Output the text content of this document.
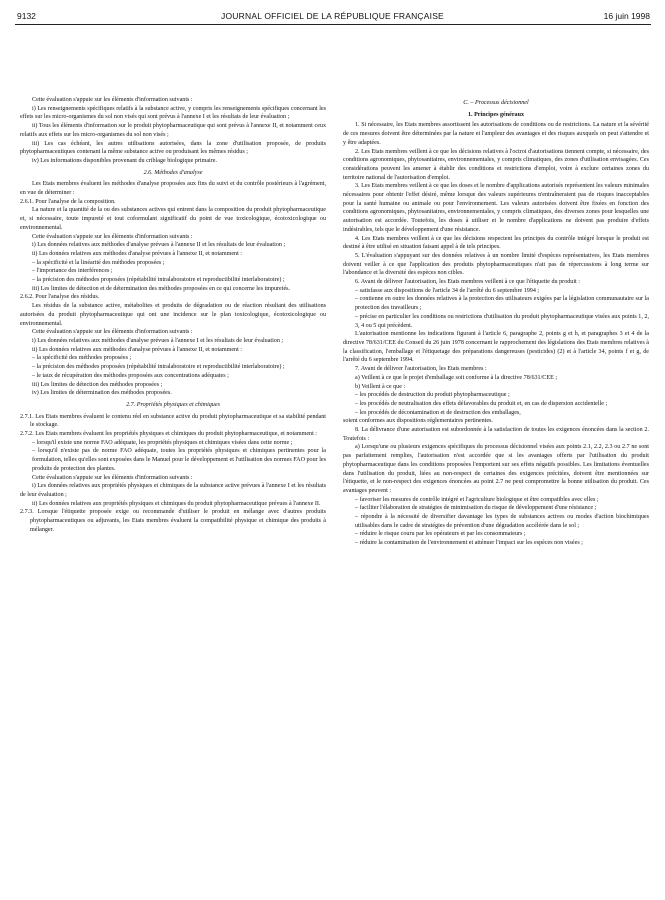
9132	JOURNAL OFFICIEL DE LA RÉPUBLIQUE FRANÇAISE	16 juin 1998

Cette évaluation s'appuie sur les éléments d'information suivants :

i) Les renseignements spécifiques relatifs à la substance active, y compris les renseignements spécifiques concernant les effets sur les micro-organismes du sol non visés qui sont prévus à l'annexe I et les résultats de leur évaluation ;

ii) Tous les éléments d'information sur le produit phytopharmaceutique qui sont prévus à l'annexe II, et notamment ceux relatifs aux effets sur les micro-organismes du sol non visés ;

iii) Les cas échéant, les autres utilisations autorisées, dans la zone d'utilisation proposée, de produits phytopharmaceutiques contenant la même substance active ou produisant les mêmes résidus ;

iv) Les informations disponibles provenant du criblage biologique primaire.

2.6. Méthodes d'analyse

Les Etats membres évaluent les méthodes d'analyse proposées aux fins du suivi et du contrôle postérieurs à l'agrément, en vue de déterminer :

2.6.1. Pour l'analyse de la composition.

La nature et la quantité de la ou des substances actives qui entrent dans la composition du produit phytopharmaceutique et, si nécessaire, toute impureté et tout coformulant significatif du point de vue toxicologique, écotoxicologique ou environnemental.

Cette évaluation s'appuie sur les éléments d'information suivants :

i) Les données relatives aux méthodes d'analyse prévues à l'annexe II et les résultats de leur évaluation ;

ii) Les données relatives aux méthodes d'analyse prévues à l'annexe II, et notamment :

– la spécificité et la linéarité des méthodes proposées ;

– l'importance des interférences ;

– la précision des méthodes proposées (répétabilité intralaboratoire et reproductibilité interlaboratoire) ;

iii) Les limites de détection et de détermination des méthodes proposées en ce qui concerne les impuretés.

2.6.2. Pour l'analyse des résidus.

Les résidus de la substance active, métabolites et produits de dégradation ou de réaction résultant des utilisations autorisées du produit phytopharmaceutique qui ont une incidence sur le plan toxicologique, écotoxicologique ou environnemental.

Cette évaluation s'appuie sur les éléments d'information suivants :

i) Les données relatives aux méthodes d'analyse prévues à l'annexe I et les résultats de leur évaluation ;

ii) Les données relatives aux méthodes d'analyse prévues à l'annexe II, et notamment :

– la spécificité des méthodes proposées ;

– la précision des méthodes proposées (répétabilité intralaboratoire et reproductibilité interlaboratoire) ;

– le taux de récupération des méthodes proposées aux concentrations adéquates ;

iii) Les limites de détection des méthodes proposées ;

iv) Les limites de détermination des méthodes proposées.

2.7. Propriétés physiques et chimiques

2.7.1. Les Etats membres évaluent le contenu réel en substance active du produit phytopharmaceutique et sa stabilité pendant le stockage.

2.7.2. Les Etats membres évaluent les propriétés physiques et chimiques du produit phytopharmaceutique, et notamment :

– lorsqu'il existe une norme FAO adéquate, les propriétés physiques et chimiques visées dans cette norme ;

– lorsqu'il n'existe pas de norme FAO adéquate, toutes les propriétés physiques et chimiques pertinentes pour la formulation, telles qu'elles sont exposées dans le Manuel pour le développement et l'utilisation des normes FAO pour les produits de protection des plantes.

Cette évaluation s'appuie sur les éléments d'information suivants :

i) Les données relatives aux propriétés physiques et chimiques de la substance active prévues à l'annexe I et les résultats de leur évaluation ;

ii) Les données relatives aux propriétés physiques et chimiques du produit phytopharmaceutique prévues à l'annexe II.

2.7.3. Lorsque l'étiquette proposée exige ou recommande d'utiliser le produit en mélange avec d'autres produits phytopharmaceutiques ou adjuvants, les Etats membres évaluent la compatibilité physique et chimique des produits à mélanger.

C. – Processus décisionnel

1. Principes généraux

1. Si nécessaire, les Etats membres assortissent les autorisations de conditions ou de restrictions. La nature et la sévérité de ces mesures doivent être déterminées par la nature et l'ampleur des avantages et des risques auxquels on peut s'attendre et y être adaptées.

2. Les Etats membres veillent à ce que les décisions relatives à l'octroi d'autorisations tiennent compte, si nécessaire, des conditions agronomiques, phytosanitaires, environnementales, y compris climatiques, des zones d'utilisation envisagées. Ces considérations peuvent les amener à établir des conditions et restrictions d'emploi, voire à exclure certaines zones du territoire national de l'autorisation d'emploi.

3. Les Etats membres veillent à ce que les doses et le nombre d'applications autorisés représentent les valeurs minimales nécessaires pour obtenir l'effet désiré, même lorsque des valeurs supérieures n'entraîneraient pas de risques inacceptables pour la santé humaine ou animale ou pour l'environnement. Les valeurs autorisées doivent être fixées en fonction des conditions agronomiques, phytosanitaires, environnementales, y compris climatiques, des diverses zones pour lesquelles une autorisation est accordée. Toutefois, les doses à utiliser et le nombre d'applications ne doivent pas produire d'effets indésirables, tels que le développement d'une résistance.

4. Les Etats membres veillent à ce que les décisions respectent les principes du contrôle intégré lorsque le produit est destiné à être utilisé en situation faisant appel à de tels principes.

5. L'évaluation s'appuyant sur des données relatives à un nombre limité d'espèces représentatives, les Etats membres doivent veiller à ce que l'application des produits phytopharmaceutiques n'ait pas de répercussions à long terme sur l'abondance et la diversité des espèces non cibles.

6. Avant de délivrer l'autorisation, les Etats membres veillent à ce que l'étiquette du produit :

– satisfasse aux dispositions de l'article 34 de l'arrêté du 6 septembre 1994 ;

– contienne en outre les données relatives à la protection des utilisateurs exigées par la législation communautaire sur la protection des travailleurs ;

– précise en particulier les conditions ou restrictions d'utilisation du produit phytopharmaceutique visées aux points 1, 2, 3, 4 ou 5 qui précèdent.

L'autorisation mentionne les indications figurant à l'article 6, paragraphe 2, points g et h, et paragraphes 3 et 4 de la directive 78/631/CEE du Conseil du 26 juin 1978 concernant le rapprochement des législations des Etats membres relatives à la classification, l'emballage et l'étiquetage des préparations dangereuses (pesticides) (2) et à l'article 34, points f et g, de l'arrêté du 6 septembre 1994.

7. Avant de délivrer l'autorisation, les Etats membres :

a) Veillent à ce que le projet d'emballage soit conforme à la directive 78/631/CEE ;

b) Veillent à ce que :

– les procédés de destruction du produit phytopharmaceutique ;

– les procédés de neutralisation des effets défavorables du produit et, en cas de dispersion accidentelle ;

– les procédés de décontamination et de destruction des emballages,

soient conformes aux dispositions réglementaires pertinentes.

8. La délivrance d'une autorisation est subordonnée à la satisfaction de toutes les exigences énoncées dans la section 2. Toutefois :

a) Lorsqu'une ou plusieurs exigences spécifiques du processus décisionnel visées aux points 2.1, 2.2, 2.3 ou 2.7 ne sont pas parfaitement remplies, l'autorisation n'est accordée que si les avantages offerts par l'utilisation du produit phytopharmaceutique dans les conditions proposées l'emportent sur ses effets négatifs possibles. Les limitations éventuelles dans l'utilisation du produit, liées au non-respect de certaines des exigences précitées, doivent être mentionnées sur l'étiquette, et le non-respect des exigences énoncées au point 2.7 ne peut compromettre la bonne utilisation du produit. Ces avantages peuvent :

– favoriser les mesures de contrôle intégré et l'agriculture biologique et être compatibles avec elles ;

– faciliter l'élaboration de stratégies de minimisation du risque de développement d'une résistance ;

– répondre à la nécessité de diversifier davantage les types de substances actives ou modes d'action biochimiques utilisables dans le cadre de stratégies de prévention d'une dégradation accélérée dans le sol ;

– réduire le risque couru par les opérateurs et par les consommateurs ;

– réduire la contamination de l'environnement et atténuer l'impact sur les espèces non visées ;
